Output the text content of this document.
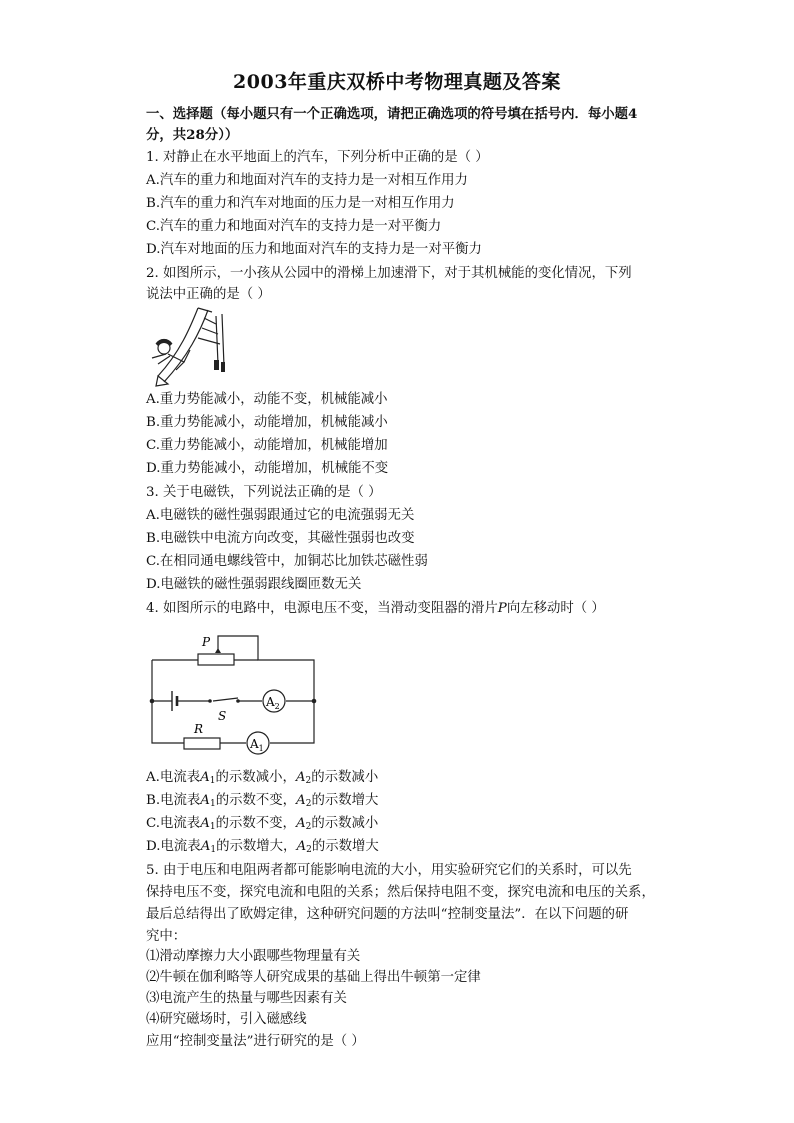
2003年重庆双桥中考物理真题及答案
一、选择题（每小题只有一个正确选项，请把正确选项的符号填在括号内．每小题4
分，共28分））
1. 对静止在水平地面上的汽车，下列分析中正确的是（ ）
A.汽车的重力和地面对汽车的支持力是一对相互作用力
B.汽车的重力和汽车对地面的压力是一对相互作用力
C.汽车的重力和地面对汽车的支持力是一对平衡力
D.汽车对地面的压力和地面对汽车的支持力是一对平衡力
2. 如图所示，一小孩从公园中的滑梯上加速滑下，对于其机械能的变化情况，下列
说法中正确的是（ ）
A.重力势能减小，动能不变，机械能减小
B.重力势能减小，动能增加，机械能减小
C.重力势能减小，动能增加，机械能增加
D.重力势能减小，动能增加，机械能不变
3. 关于电磁铁，下列说法正确的是（ ）
A.电磁铁的磁性强弱跟通过它的电流强弱无关
B.电磁铁中电流方向改变，其磁性强弱也改变
C.在相同通电螺线管中，加铜芯比加铁芯磁性弱
D.电磁铁的磁性强弱跟线圈匝数无关
4. 如图所示的电路中，电源电压不变，当滑动变阻器的滑片P向左移动时（ ）
P
S
R
$A_2$
$A_1$
A.电流表$A_1$的示数减小，$A_2$的示数减小
B.电流表$A_1$的示数不变，$A_2$的示数增大
C.电流表$A_1$的示数不变，$A_2$的示数减小
D.电流表$A_1$的示数增大，$A_2$的示数增大
5. 由于电压和电阻两者都可能影响电流的大小，用实验研究它们的关系时，可以先
保持电压不变，探究电流和电阻的关系；然后保持电阻不变，探究电流和电压的关系，
最后总结得出了欧姆定律，这种研究问题的方法叫“控制变量法”．在以下问题的研
究中：
⑴滑动摩擦力大小跟哪些物理量有关
⑵牛顿在伽利略等人研究成果的基础上得出牛顿第一定律
⑶电流产生的热量与哪些因素有关
⑷研究磁场时，引入磁感线
应用“控制变量法”进行研究的是（ ）
